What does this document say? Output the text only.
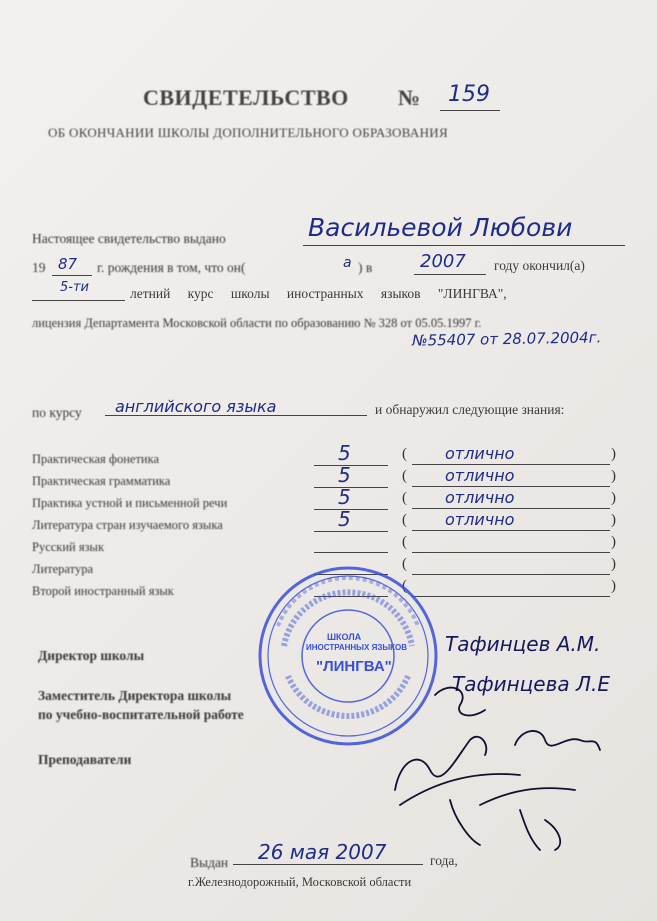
СВИДЕТЕЛЬСТВО № 159
ОБ ОКОНЧАНИИ ШКОЛЫ ДОПОЛНИТЕЛЬНОГО ОБРАЗОВАНИЯ
Настоящее свидетельство выдано	Васильевой Любови
19 87 г. рождения в том, что он(	а ) в	2007 году окончил(а)
5-ти	летний курс школы иностранных языков "ЛИНГВА",
лицензия Департамента Московской области по образованию № 328 от 05.05.1997 г.
№55407 от 28.07.2004г.
по курсу английского языка	и обнаружил следующие знания:
Практическая фонетика	5	( отлично	)
Практическая грамматика	5	( отлично	)
Практика устной и письменной речи	5	( отлично	)
Литература стран изучаемого языка	5	( отлично	)
Русский язык	(	)
Литература	(	)
Второй иностранный язык	(	)
Директор школы
Заместитель Директора школы
по учебно-воспитательной работе
Преподаватели
Тафинцев А.М.
Тафинцева Л.Е
ШКОЛА
ИНОСТРАННЫХ ЯЗЫКОВ
"ЛИНГВА"
Выдан 26 мая 2007	года,
г.Железнодорожный, Московской области
